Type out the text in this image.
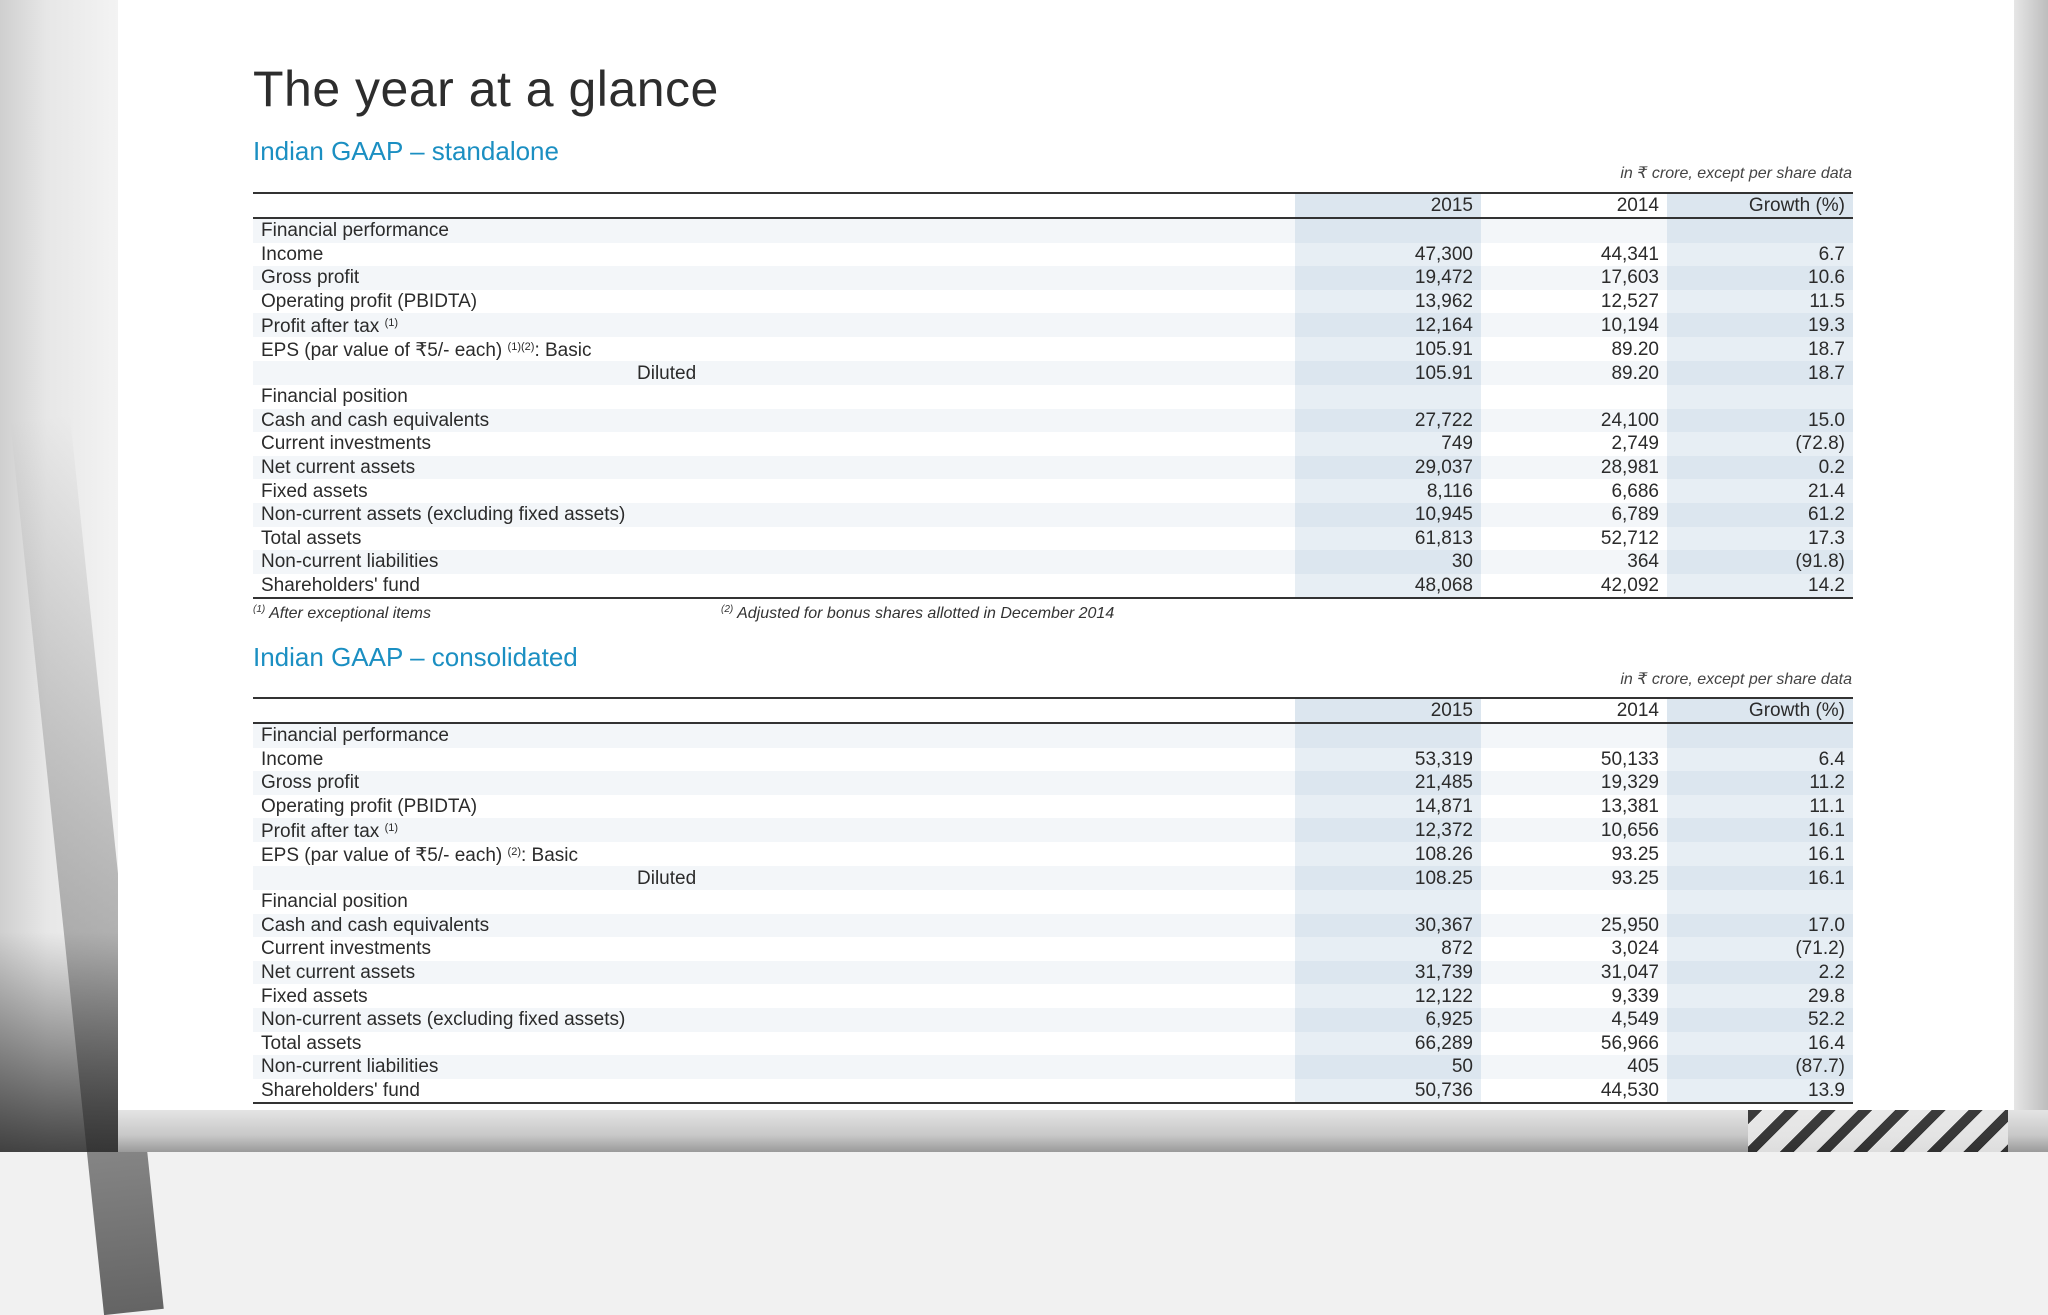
The year at a glance
Indian GAAP – standalone
in ₹ crore, except per share data
	2015	2014	Growth (%)
Financial performance			
Income	47,300	44,341	6.7
Gross profit	19,472	17,603	10.6
Operating profit (PBIDTA)	13,962	12,527	11.5
Profit after tax $^{(1)}$	12,164	10,194	19.3
EPS (par value of ₹5/- each) $^{(1)(2)}$: Basic	105.91	89.20	18.7
Diluted	105.91	89.20	18.7
Financial position			
Cash and cash equivalents	27,722	24,100	15.0
Current investments	749	2,749	(72.8)
Net current assets	29,037	28,981	0.2
Fixed assets	8,116	6,686	21.4
Non-current assets (excluding fixed assets)	10,945	6,789	61.2
Total assets	61,813	52,712	17.3
Non-current liabilities	30	364	(91.8)
Shareholders' fund	48,068	42,092	14.2
$^{(1)}$ After exceptional items	$^{(2)}$ Adjusted for bonus shares allotted in December 2014
Indian GAAP – consolidated
in ₹ crore, except per share data
	2015	2014	Growth (%)
Financial performance			
Income	53,319	50,133	6.4
Gross profit	21,485	19,329	11.2
Operating profit (PBIDTA)	14,871	13,381	11.1
Profit after tax $^{(1)}$	12,372	10,656	16.1
EPS (par value of ₹5/- each) $^{(2)}$: Basic	108.26	93.25	16.1
Diluted	108.25	93.25	16.1
Financial position			
Cash and cash equivalents	30,367	25,950	17.0
Current investments	872	3,024	(71.2)
Net current assets	31,739	31,047	2.2
Fixed assets	12,122	9,339	29.8
Non-current assets (excluding fixed assets)	6,925	4,549	52.2
Total assets	66,289	56,966	16.4
Non-current liabilities	50	405	(87.7)
Shareholders' fund	50,736	44,530	13.9
